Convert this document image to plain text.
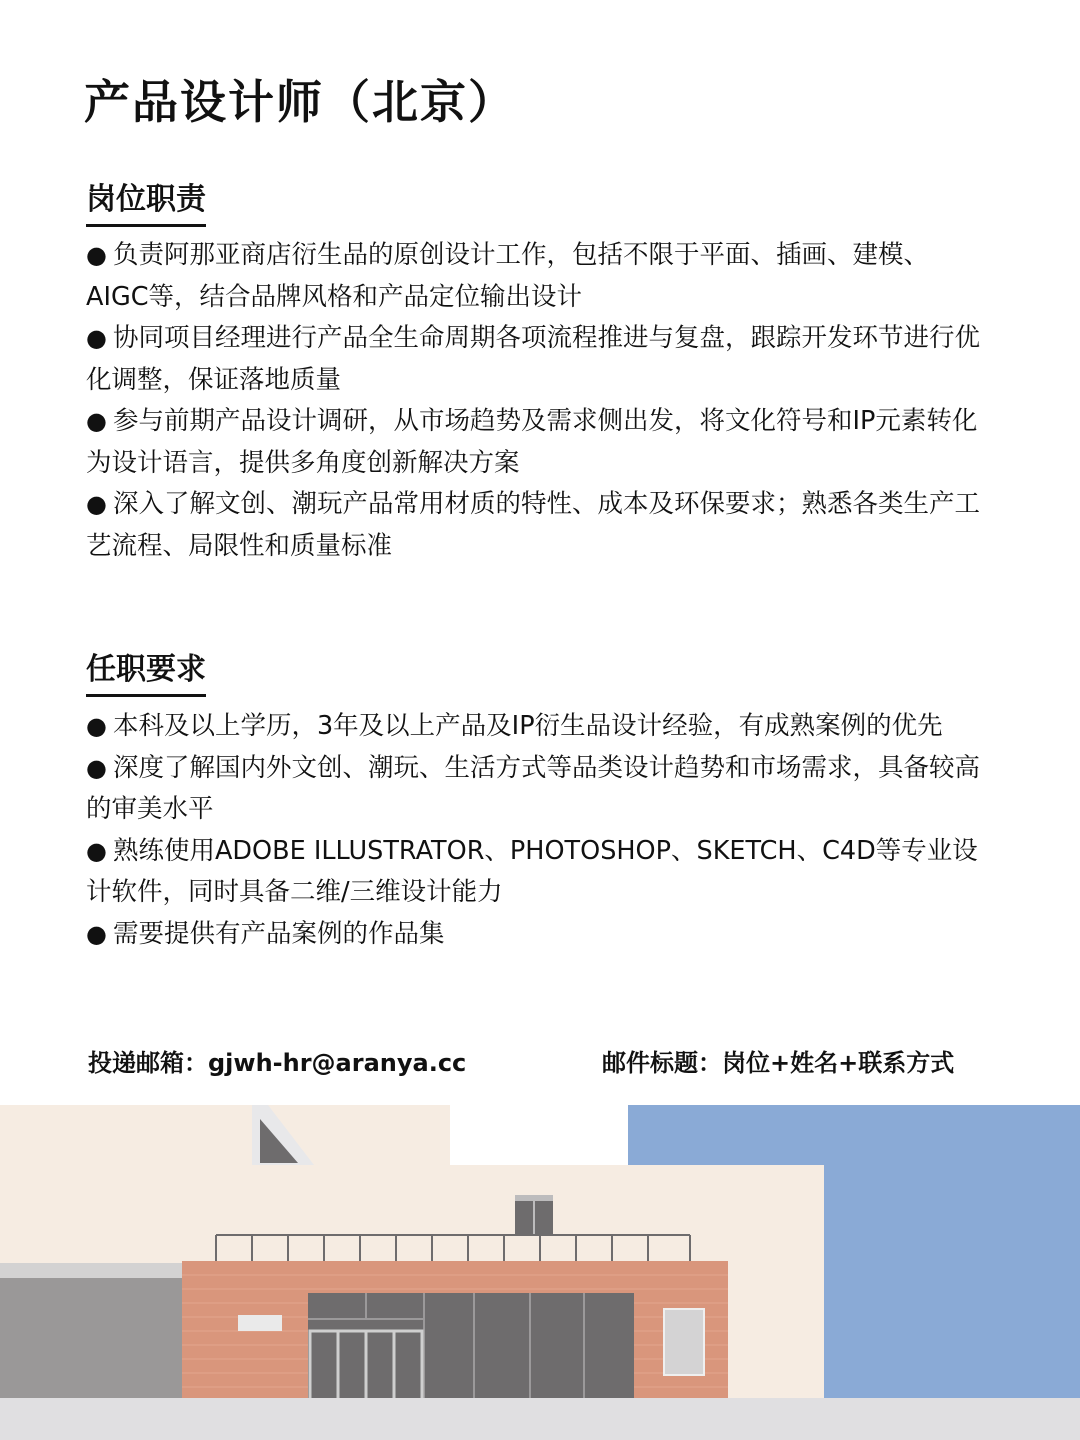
产品设计师（北京）
岗位职责
● 负责阿那亚商店衍生品的原创设计工作，包括不限于平面、插画、建模、AIGC等，结合品牌风格和产品定位输出设计
● 协同项目经理进行产品全生命周期各项流程推进与复盘，跟踪开发环节进行优化调整，保证落地质量
● 参与前期产品设计调研，从市场趋势及需求侧出发，将文化符号和IP元素转化为设计语言，提供多角度创新解决方案
● 深入了解文创、潮玩产品常用材质的特性、成本及环保要求；熟悉各类生产工艺流程、局限性和质量标准
任职要求
● 本科及以上学历，3年及以上产品及IP衍生品设计经验，有成熟案例的优先
● 深度了解国内外文创、潮玩、生活方式等品类设计趋势和市场需求，具备较高的审美水平
● 熟练使用ADOBE ILLUSTRATOR、PHOTOSHOP、SKETCH、C4D等专业设计软件，同时具备二维/三维设计能力
● 需要提供有产品案例的作品集
投递邮箱：gjwh-hr@aranya.cc	邮件标题：岗位+姓名+联系方式
